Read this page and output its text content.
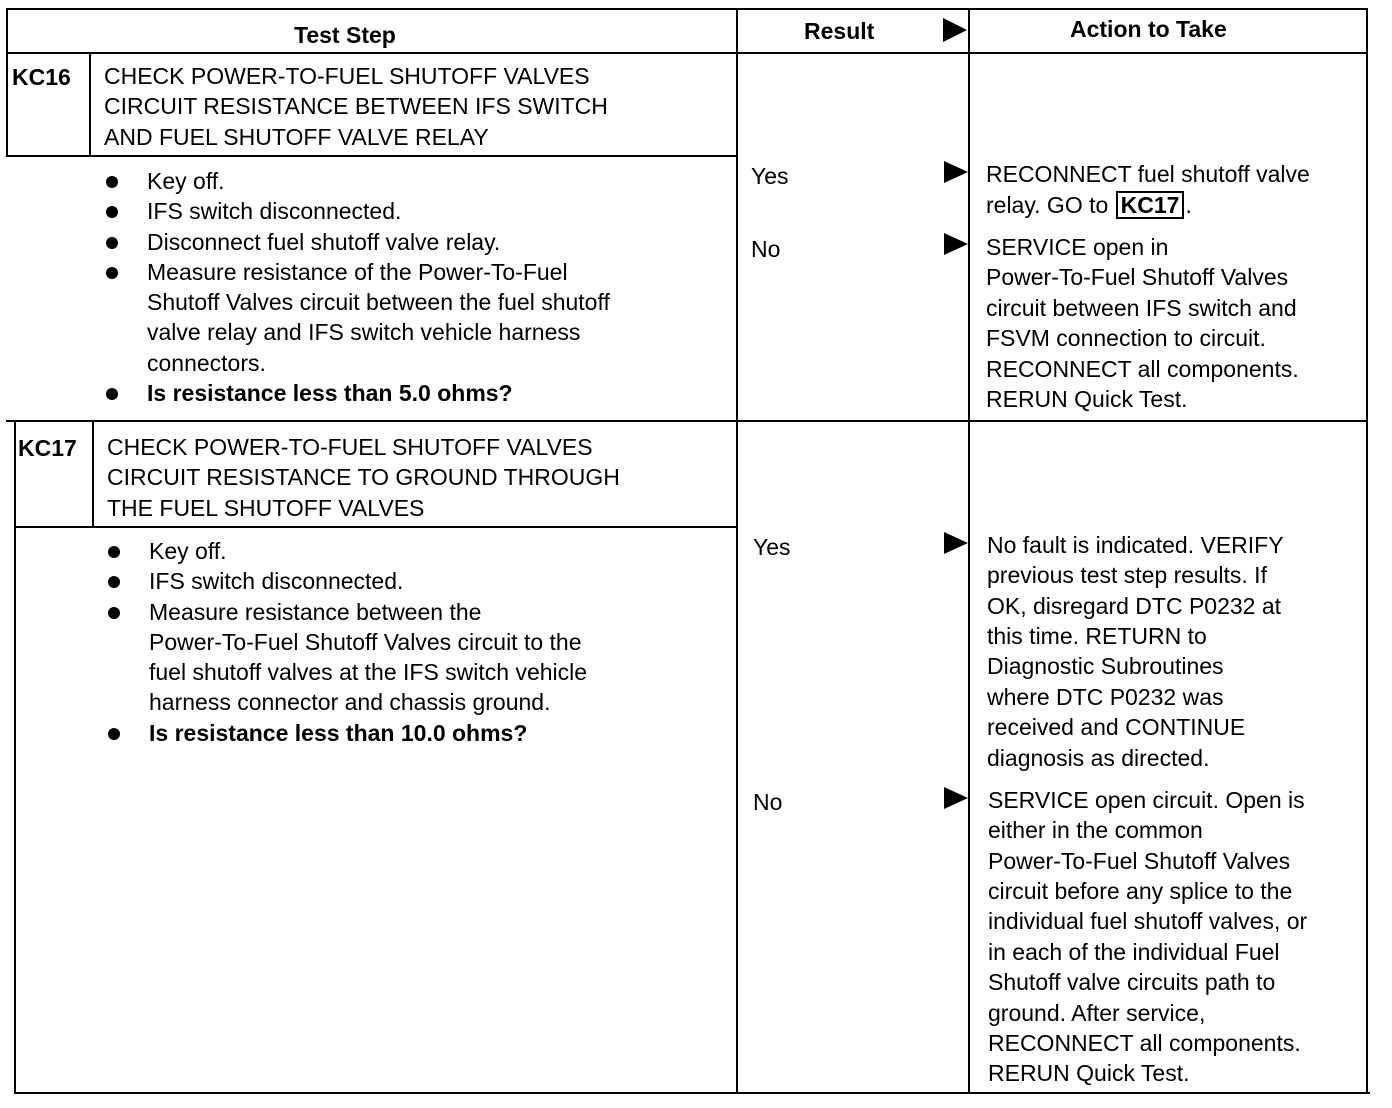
Test Step	Result	Action to Take
KC16 CHECK POWER-TO-FUEL SHUTOFF VALVES
CIRCUIT RESISTANCE BETWEEN IFS SWITCH
AND FUEL SHUTOFF VALVE RELAY
Key off.
IFS switch disconnected.
Disconnect fuel shutoff valve relay.
Measure resistance of the Power-To-Fuel
Shutoff Valves circuit between the fuel shutoff
valve relay and IFS switch vehicle harness
connectors.
Is resistance less than 5.0 ohms?
Yes	RECONNECT fuel shutoff valve
relay. GO to KC17 .
No	SERVICE open in
Power-To-Fuel Shutoff Valves
circuit between IFS switch and
FSVM connection to circuit.
RECONNECT all components.
RERUN Quick Test.
KC17 CHECK POWER-TO-FUEL SHUTOFF VALVES
CIRCUIT RESISTANCE TO GROUND THROUGH
THE FUEL SHUTOFF VALVES
Key off.
IFS switch disconnected.
Measure resistance between the
Power-To-Fuel Shutoff Valves circuit to the
fuel shutoff valves at the IFS switch vehicle
harness connector and chassis ground.
Is resistance less than 10.0 ohms?
Yes	No fault is indicated. VERIFY
previous test step results. If
OK, disregard DTC P0232 at
this time. RETURN to
Diagnostic Subroutines
where DTC P0232 was
received and CONTINUE
diagnosis as directed.
No	SERVICE open circuit. Open is
either in the common
Power-To-Fuel Shutoff Valves
circuit before any splice to the
individual fuel shutoff valves, or
in each of the individual Fuel
Shutoff valve circuits path to
ground. After service,
RECONNECT all components.
RERUN Quick Test.
